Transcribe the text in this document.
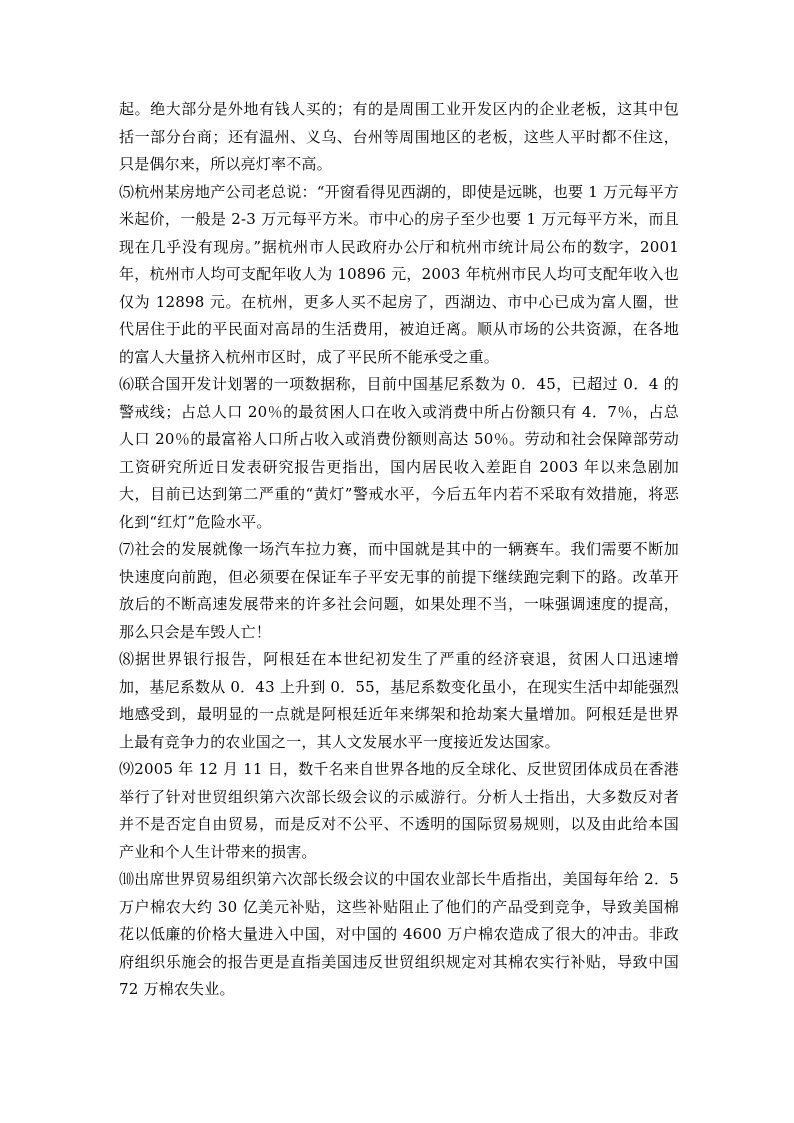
起。绝大部分是外地有钱人买的；有的是周围工业开发区内的企业老板，这其中包括一部分台商；还有温州、义乌、台州等周围地区的老板，这些人平时都不住这，只是偶尔来，所以亮灯率不高。

⑸杭州某房地产公司老总说：“开窗看得见西湖的，即使是远眺，也要 1 万元每平方米起价，一般是 2-3 万元每平方米。市中心的房子至少也要 1 万元每平方米，而且现在几乎没有现房。”据杭州市人民政府办公厅和杭州市统计局公布的数字，2001 年，杭州市人均可支配年收人为 10896 元，2003 年杭州市民人均可支配年收入也仅为 12898 元。在杭州，更多人买不起房了，西湖边、市中心已成为富人圈，世代居住于此的平民面对高昂的生活费用，被迫迁离。顺从市场的公共资源，在各地的富人大量挤入杭州市区时，成了平民所不能承受之重。

⑹联合国开发计划署的一项数据称，目前中国基尼系数为 0．45，已超过 0．4 的警戒线；占总人口 20％的最贫困人口在收入或消费中所占份额只有 4．7％，占总人口 20％的最富裕人口所占收入或消费份额则高达 50％。劳动和社会保障部劳动工资研究所近日发表研究报告更指出，国内居民收入差距自 2003 年以来急剧加大，目前已达到第二严重的“黄灯”警戒水平，今后五年内若不采取有效措施，将恶化到“红灯”危险水平。

⑺社会的发展就像一场汽车拉力赛，而中国就是其中的一辆赛车。我们需要不断加快速度向前跑，但必须要在保证车子平安无事的前提下继续跑完剩下的路。改革开放后的不断高速发展带来的许多社会问题，如果处理不当，一味强调速度的提高，那么只会是车毁人亡！

⑻据世界银行报告，阿根廷在本世纪初发生了严重的经济衰退，贫困人口迅速增加，基尼系数从 0．43 上升到 0．55，基尼系数变化虽小，在现实生活中却能强烈地感受到，最明显的一点就是阿根廷近年来绑架和抢劫案大量增加。阿根廷是世界上最有竞争力的农业国之一，其人文发展水平一度接近发达国家。

⑼2005 年 12 月 11 日，数千名来自世界各地的反全球化、反世贸团体成员在香港举行了针对世贸组织第六次部长级会议的示威游行。分析人士指出，大多数反对者并不是否定自由贸易，而是反对不公平、不透明的国际贸易规则，以及由此给本国产业和个人生计带来的损害。

⑽出席世界贸易组织第六次部长级会议的中国农业部长牛盾指出，美国每年给 2．5 万户棉农大约 30 亿美元补贴，这些补贴阻止了他们的产品受到竞争，导致美国棉花以低廉的价格大量进入中国，对中国的 4600 万户棉农造成了很大的冲击。非政府组织乐施会的报告更是直指美国违反世贸组织规定对其棉农实行补贴，导致中国 72 万棉农失业。
